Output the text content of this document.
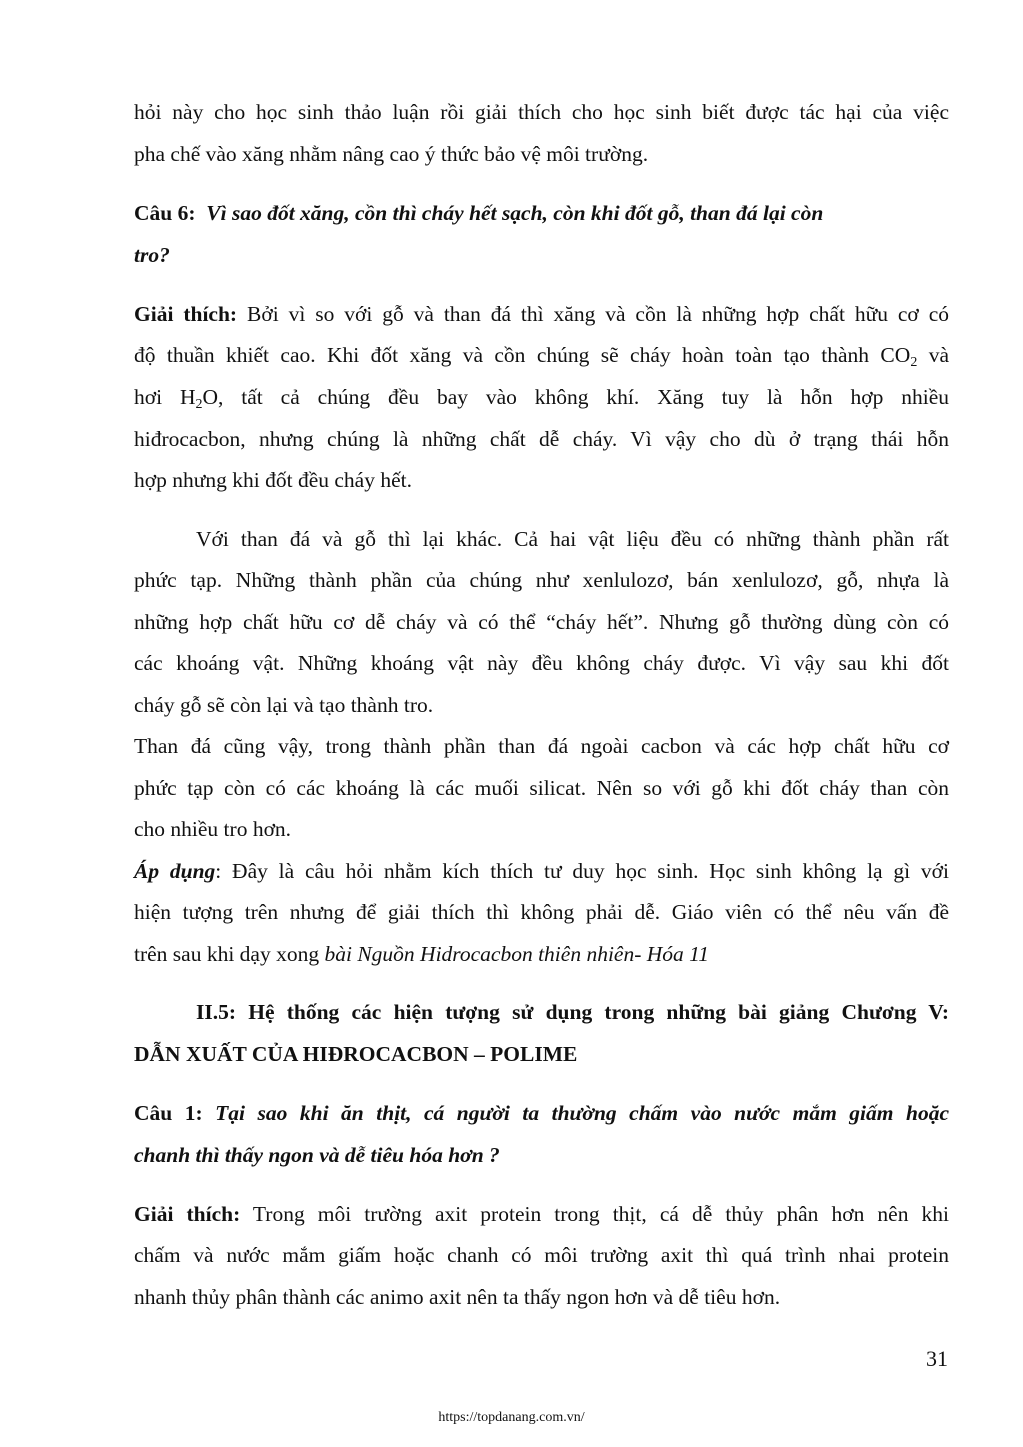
hỏi này cho học sinh thảo luận rồi giải thích cho học sinh biết được tác hại của việc
pha chế vào xăng nhằm nâng cao ý thức bảo vệ môi trường.
Câu 6: Vì sao đốt xăng, cồn thì cháy hết sạch, còn khi đốt gỗ, than đá lại còn
tro?
Giải thích: Bởi vì so với gỗ và than đá thì xăng và cồn là những hợp chất hữu cơ có
độ thuần khiết cao. Khi đốt xăng và cồn chúng sẽ cháy hoàn toàn tạo thành $CO_2$ và
hơi $H_2O$, tất cả chúng đều bay vào không khí. Xăng tuy là hỗn hợp nhiều
hiđrocacbon, nhưng chúng là những chất dễ cháy. Vì vậy cho dù ở trạng thái hỗn
hợp nhưng khi đốt đều cháy hết.
Với than đá và gỗ thì lại khác. Cả hai vật liệu đều có những thành phần rất
phức tạp. Những thành phần của chúng như xenlulozơ, bán xenlulozơ, gỗ, nhựa là
những hợp chất hữu cơ dễ cháy và có thể “cháy hết”. Nhưng gỗ thường dùng còn có
các khoáng vật. Những khoáng vật này đều không cháy được. Vì vậy sau khi đốt
cháy gỗ sẽ còn lại và tạo thành tro.
Than đá cũng vậy, trong thành phần than đá ngoài cacbon và các hợp chất hữu cơ
phức tạp còn có các khoáng là các muối silicat. Nên so với gỗ khi đốt cháy than còn
cho nhiều tro hơn.
Áp dụng: Đây là câu hỏi nhằm kích thích tư duy học sinh. Học sinh không lạ gì với
hiện tượng trên nhưng để giải thích thì không phải dễ. Giáo viên có thể nêu vấn đề
trên sau khi dạy xong bài Nguồn Hidrocacbon thiên nhiên- Hóa 11
II.5: Hệ thống các hiện tượng sử dụng trong những bài giảng Chương V:
DẪN XUẤT CỦA HIĐROCACBON – POLIME
Câu 1: Tại sao khi ăn thịt, cá người ta thường chấm vào nước mắm giấm hoặc
chanh thì thấy ngon và dễ tiêu hóa hơn ?
Giải thích: Trong môi trường axit protein trong thịt, cá dễ thủy phân hơn nên khi
chấm và nước mắm giấm hoặc chanh có môi trường axit thì quá trình nhai protein
nhanh thủy phân thành các animo axit nên ta thấy ngon hơn và dễ tiêu hơn.
31
https://topdanang.com.vn/
